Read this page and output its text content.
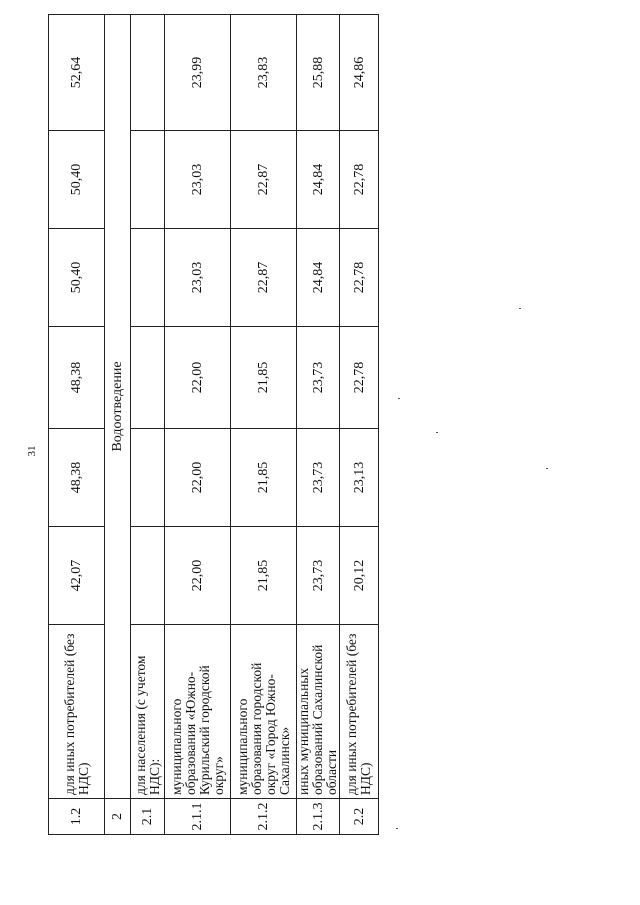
31
1.2	для иных потребителей (без НДС)	42,07	48,38	48,38	50,40	50,40	52,64
2	Водоотведение						
2.1	для населения (с учетом НДС):						
2.1.1	муниципального образования «Южно-Курильский городской округ»	22,00	22,00	22,00	23,03	23,03	23,99
2.1.2	муниципального образования городской округ «Город Южно-Сахалинск»	21,85	21,85	21,85	22,87	22,87	23,83
2.1.3	иных муниципальных образований Сахалинской области	23,73	23,73	23,73	24,84	24,84	25,88
2.2	для иных потребителей (без НДС)	20,12	23,13	22,78	22,78	22,78	24,86
